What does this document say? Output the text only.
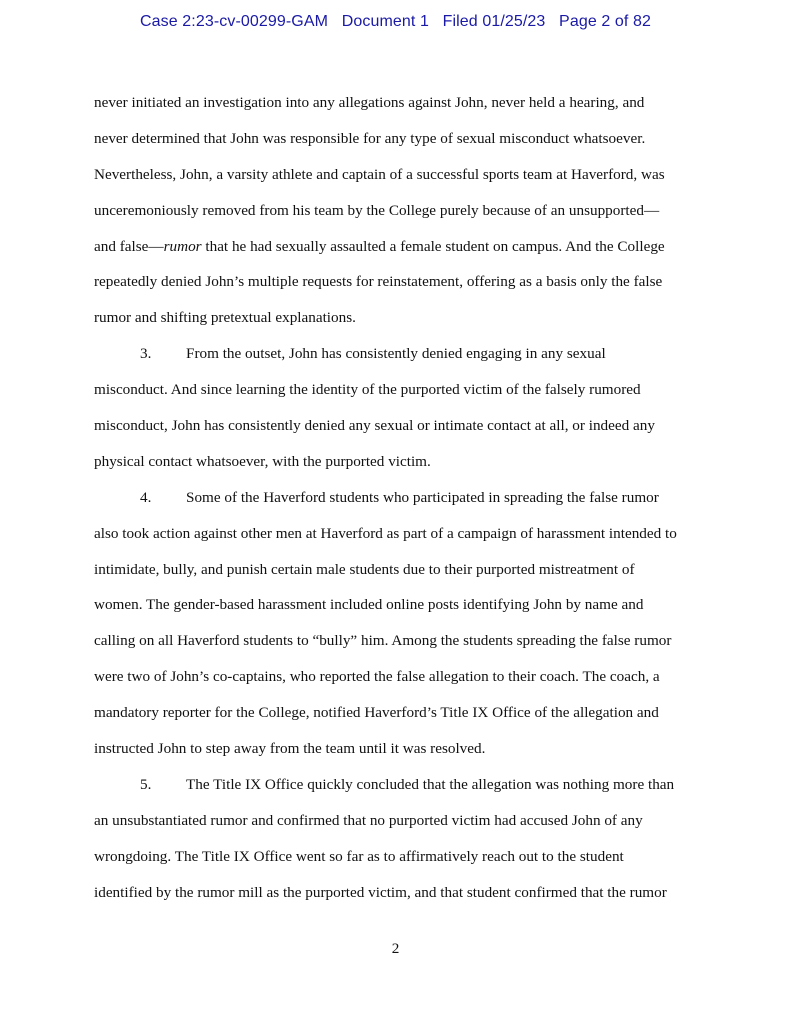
Case 2:23-cv-00299-GAM Document 1 Filed 01/25/23 Page 2 of 82
never initiated an investigation into any allegations against John, never held a hearing, and
never determined that John was responsible for any type of sexual misconduct whatsoever.
Nevertheless, John, a varsity athlete and captain of a successful sports team at Haverford, was
unceremoniously removed from his team by the College purely because of an unsupported—
and false—rumor that he had sexually assaulted a female student on campus. And the College
repeatedly denied John’s multiple requests for reinstatement, offering as a basis only the false
rumor and shifting pretextual explanations.
3. From the outset, John has consistently denied engaging in any sexual
misconduct. And since learning the identity of the purported victim of the falsely rumored
misconduct, John has consistently denied any sexual or intimate contact at all, or indeed any
physical contact whatsoever, with the purported victim.
4. Some of the Haverford students who participated in spreading the false rumor
also took action against other men at Haverford as part of a campaign of harassment intended to
intimidate, bully, and punish certain male students due to their purported mistreatment of
women. The gender-based harassment included online posts identifying John by name and
calling on all Haverford students to “bully” him. Among the students spreading the false rumor
were two of John’s co-captains, who reported the false allegation to their coach. The coach, a
mandatory reporter for the College, notified Haverford’s Title IX Office of the allegation and
instructed John to step away from the team until it was resolved.
5. The Title IX Office quickly concluded that the allegation was nothing more than
an unsubstantiated rumor and confirmed that no purported victim had accused John of any
wrongdoing. The Title IX Office went so far as to affirmatively reach out to the student
identified by the rumor mill as the purported victim, and that student confirmed that the rumor
2
